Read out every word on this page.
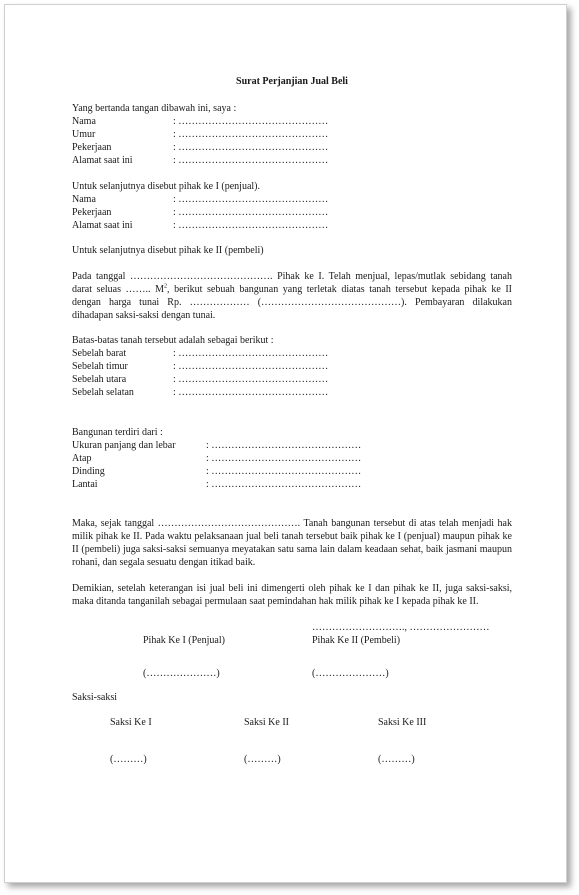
Surat Perjanjian Jual Beli

Yang bertanda tangan dibawah ini, saya :

Nama	: ………………………………………
Umur	: ………………………………………
Pekerjaan	: ………………………………………
Alamat saat ini	: ………………………………………

Untuk selanjutnya disebut pihak ke I (penjual).

Nama	: ………………………………………
Pekerjaan	: ………………………………………
Alamat saat ini	: ………………………………………

Untuk selanjutnya disebut pihak ke II (pembeli)

Pada tanggal ……………………………………. Pihak ke I. Telah menjual, lepas/mutlak sebidang tanah darat seluas …….. $M^2$, berikut sebuah bangunan yang terletak diatas tanah tersebut kepada pihak ke II dengan harga tunai Rp. ……………… (……………………………………). Pembayaran dilakukan dihadapan saksi-saksi dengan tunai.

Batas-batas tanah tersebut adalah sebagai berikut :

Sebelah barat	: ………………………………………
Sebelah timur	: ………………………………………
Sebelah utara	: ………………………………………
Sebelah selatan	: ………………………………………

Bangunan terdiri dari :

Ukuran panjang dan lebar	: ………………………………………
Atap	: ………………………………………
Dinding	: ………………………………………
Lantai	: ………………………………………

Maka, sejak tanggal ……………………………………. Tanah bangunan tersebut di atas telah menjadi hak milik pihak ke II. Pada waktu pelaksanaan jual beli tanah tersebut baik pihak ke I (penjual) maupun pihak ke II (pembeli) juga saksi-saksi semuanya meyatakan satu sama lain dalam keadaan sehat, baik jasmani maupun rohani, dan segala sesuatu dengan itikad baik.

Demikian, setelah keterangan isi jual beli ini dimengerti oleh pihak ke I dan pihak ke II, juga saksi-saksi, maka ditanda tanganilah sebagai permulaan saat pemindahan hak milik pihak ke I kepada pihak ke II.

………………………., ……………………
Pihak Ke I (Penjual)	Pihak Ke II (Pembeli)
(…………………)	(…………………)

Saksi-saksi

Saksi Ke I	Saksi Ke II	Saksi Ke III
(………)	(………)	(………)
